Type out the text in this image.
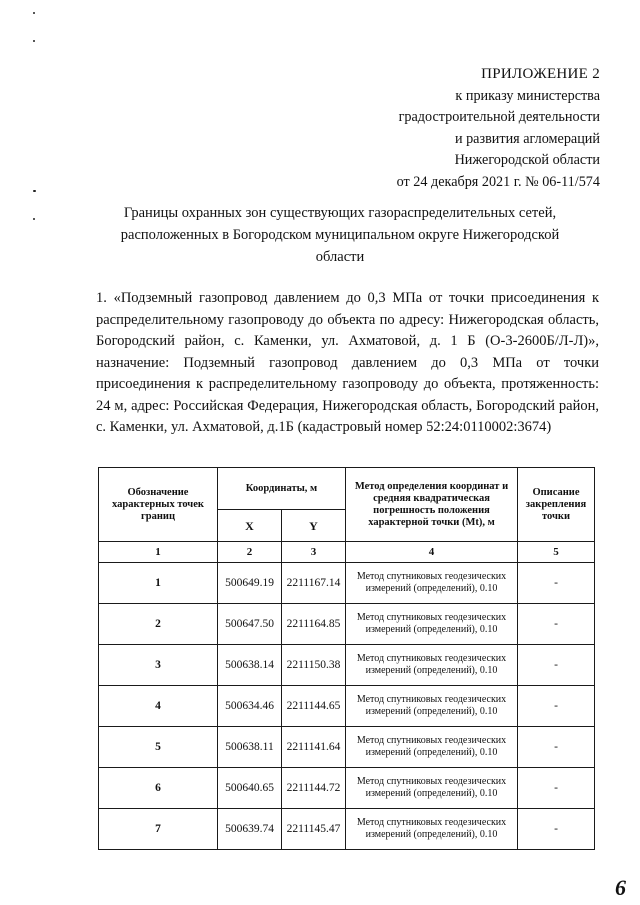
ПРИЛОЖЕНИЕ 2
к приказу министерства
градостроительной деятельности
и развития агломераций
Нижегородской области
от 24 декабря 2021 г. № 06-11/574
Границы охранных зон существующих газораспределительных сетей,
расположенных в Богородском муниципальном округе Нижегородской
области
1. «Подземный газопровод давлением до 0,3 МПа от точки присоединения к распределительному газопроводу до объекта по адресу: Нижегородская область, Богородский район, с. Каменки, ул. Ахматовой, д. 1 Б (О-3-2600Б/Л-Л)», назначение: Подземный газопровод давлением до 0,3 МПа от точки присоединения к распределительному газопроводу до объекта, протяженность: 24 м, адрес: Российская Федерация, Нижегородская область, Богородский район, с. Каменки, ул. Ахматовой, д.1Б (кадастровый номер 52:24:0110002:3674)
Обозначение характерных точек границ	Координаты, м		Метод определения координат и средняя квадратическая погрешность положения характерной точки (Mt), м	Описание закрепления точки
	X	Y		
1	2	3	4	5
1	500649.19	2211167.14	Метод спутниковых геодезических измерений (определений), 0.10	-
2	500647.50	2211164.85	Метод спутниковых геодезических измерений (определений), 0.10	-
3	500638.14	2211150.38	Метод спутниковых геодезических измерений (определений), 0.10	-
4	500634.46	2211144.65	Метод спутниковых геодезических измерений (определений), 0.10	-
5	500638.11	2211141.64	Метод спутниковых геодезических измерений (определений), 0.10	-
6	500640.65	2211144.72	Метод спутниковых геодезических измерений (определений), 0.10	-
7	500639.74	2211145.47	Метод спутниковых геодезических измерений (определений), 0.10	-
6
